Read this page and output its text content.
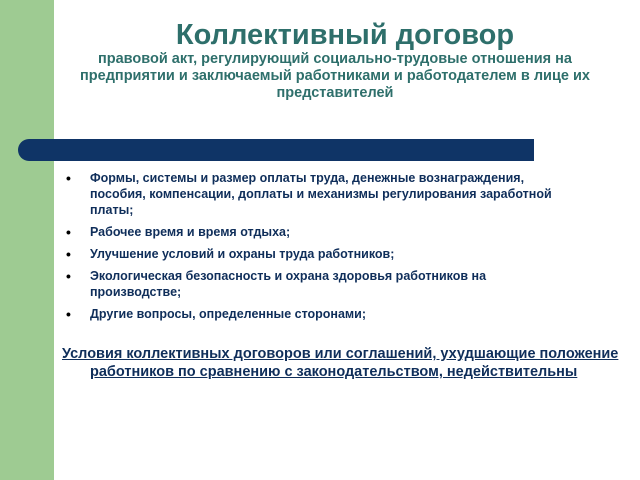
Коллективный договор

правовой акт, регулирующий социально-трудовые отношения на предприятии и заключаемый работниками и работодателем в лице их представителей

• Формы, системы и размер оплаты труда, денежные вознаграждения, пособия, компенсации, доплаты и механизмы регулирования заработной платы;
• Рабочее время и время отдыха;
• Улучшение условий и охраны труда работников;
• Экологическая безопасность и охрана здоровья работников на производстве;
• Другие вопросы, определенные сторонами;

Условия коллективных договоров или соглашений, ухудшающие положение работников по сравнению с законодательством, недействительны
